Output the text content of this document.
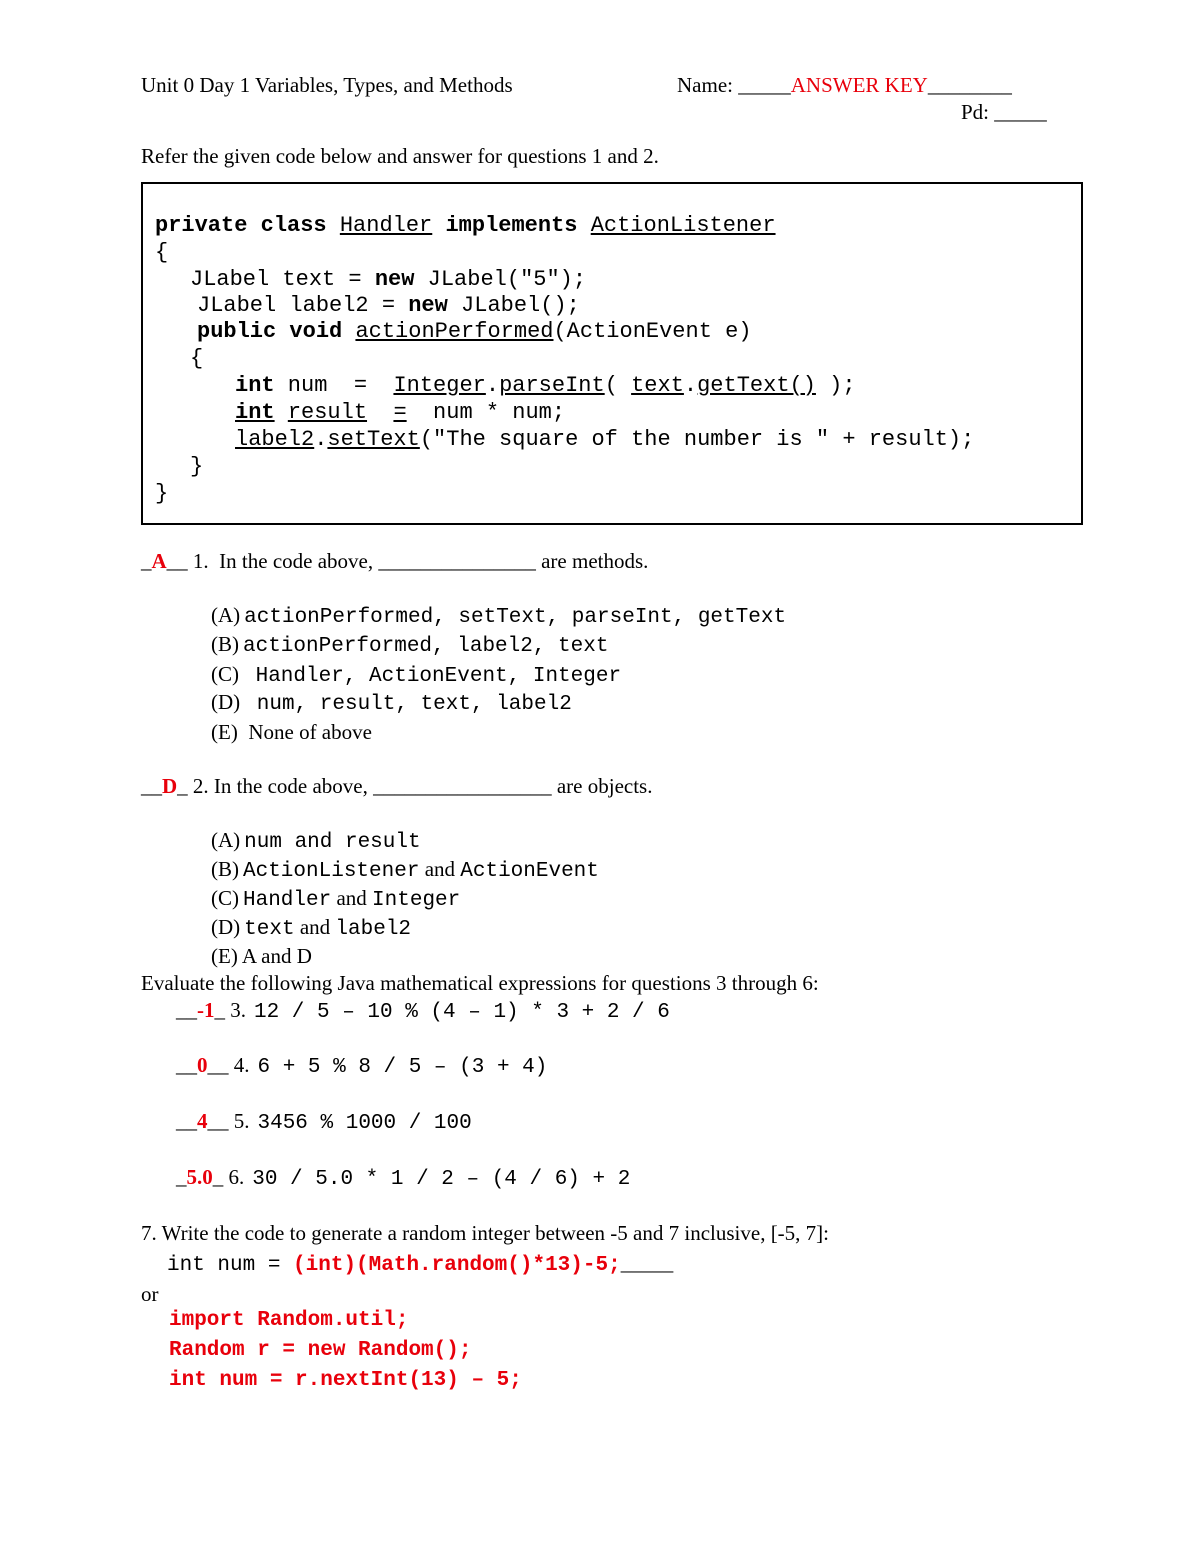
Unit 0 Day 1 Variables, Types, and Methods	Name: _____ANSWER KEY________
Pd: _____
Refer the given code below and answer for questions 1 and 2.
private class Handler implements ActionListener
{
JLabel text = new JLabel("5");
JLabel label2 = new JLabel();
public void actionPerformed(ActionEvent e)
{
int num  =  Integer.parseInt( text.getText() );
int result =  num * num;
label2.setText("The square of the number is " + result);
}
}
_A__ 1.  In the code above, _______________ are methods.
(A) actionPerformed, setText, parseInt, getText
(B) actionPerformed, label2, text
(C)  Handler, ActionEvent, Integer
(D)  num, result, text, label2
(E) None of above
__D_ 2. In the code above, _________________ are objects.
(A) num and result
(B) ActionListener and ActionEvent
(C) Handler and Integer
(D) text and label2
(E) A and D
Evaluate the following Java mathematical expressions for questions 3 through 6:
__-1_ 3. 12 / 5 – 10 % (4 – 1) * 3 + 2 / 6
__0__ 4. 6 + 5 % 8 / 5 – (3 + 4)
__4__ 5. 3456 % 1000 / 100
_5.0_ 6. 30 / 5.0 * 1 / 2 – (4 / 6) + 2
7. Write the code to generate a random integer between -5 and 7 inclusive, [-5, 7]:
int num = (int)(Math.random()*13)-5;_____
or
import Random.util;
Random r = new Random();
int num = r.nextInt(13) – 5;
